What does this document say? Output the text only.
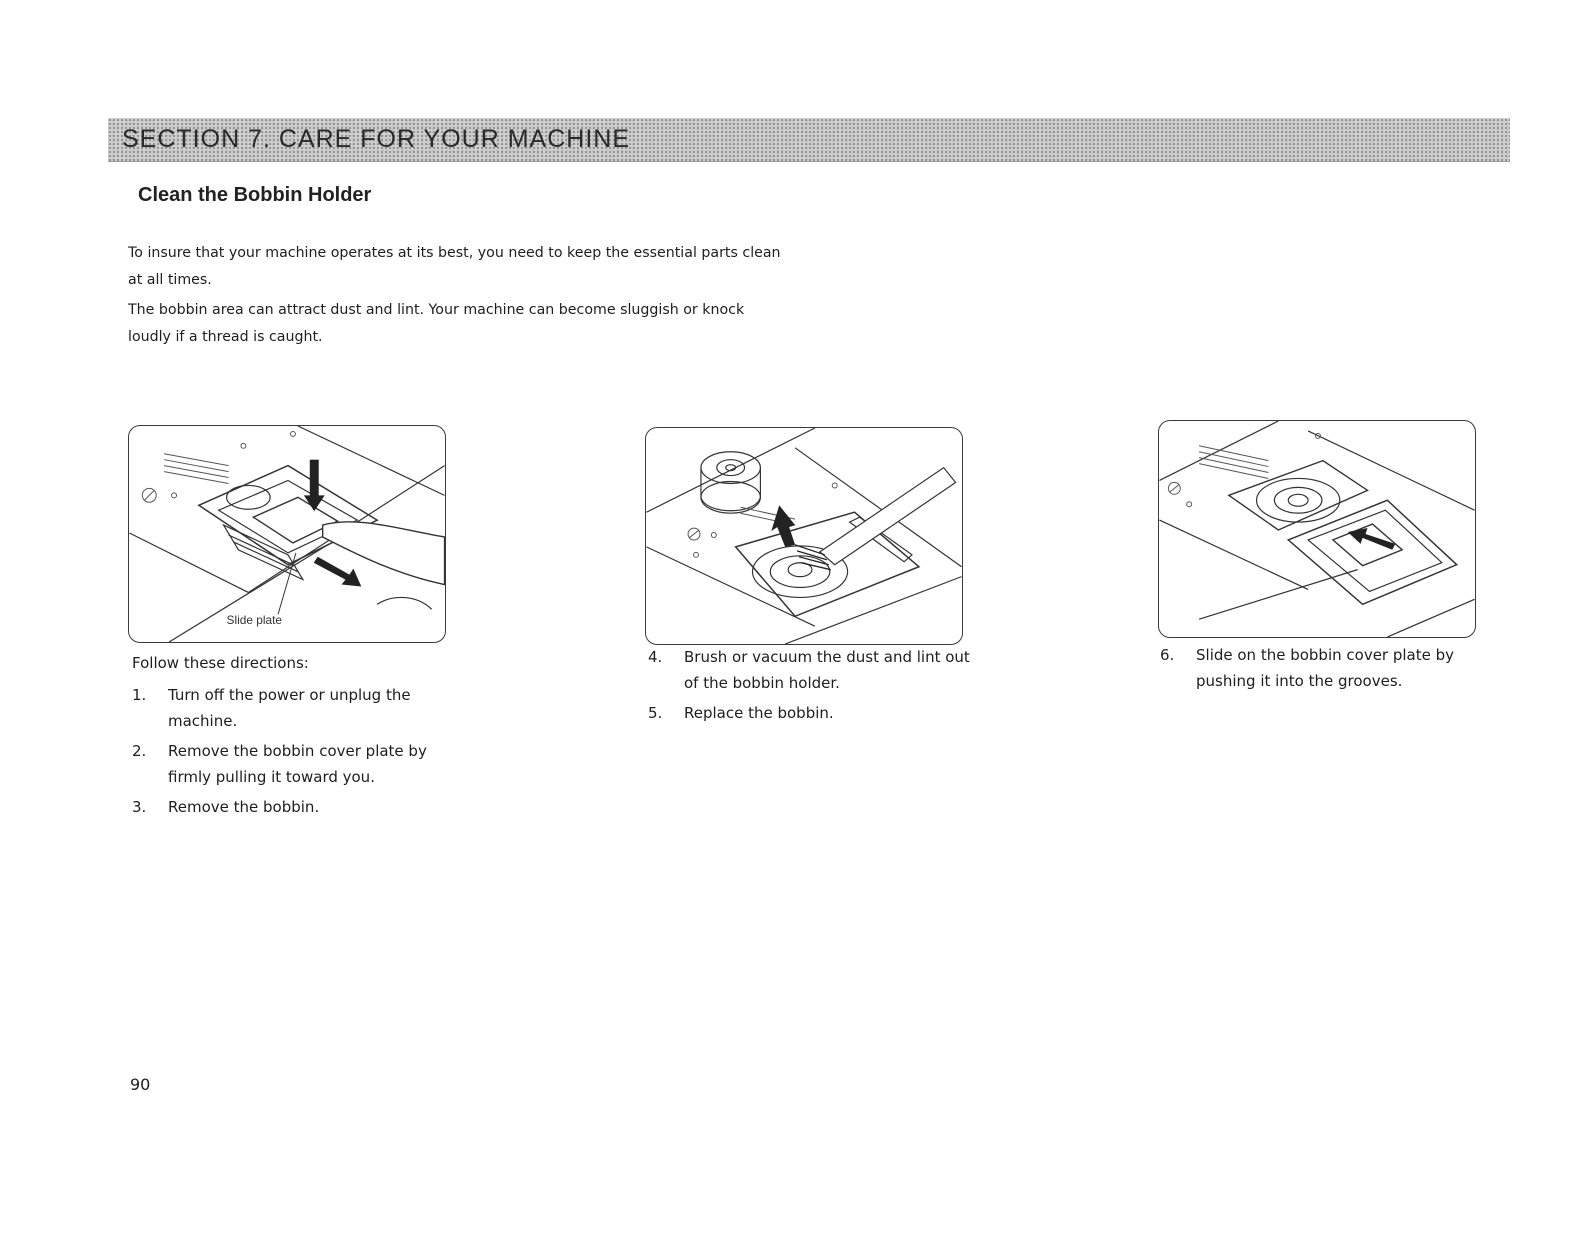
SECTION 7. CARE FOR YOUR MACHINE
Clean the Bobbin Holder

To insure that your machine operates at its best, you need to keep the essential parts clean at all times.

The bobbin area can attract dust and lint. Your machine can become sluggish or knock loudly if a thread is caught.

Slide plate

Follow these directions:

1.	Turn off the power or unplug the machine.
2.	Remove the bobbin cover plate by firmly pulling it toward you.
3.	Remove the bobbin.
4.	Brush or vacuum the dust and lint out of the bobbin holder.
5.	Replace the bobbin.
6.	Slide on the bobbin cover plate by pushing it into the grooves.
90
